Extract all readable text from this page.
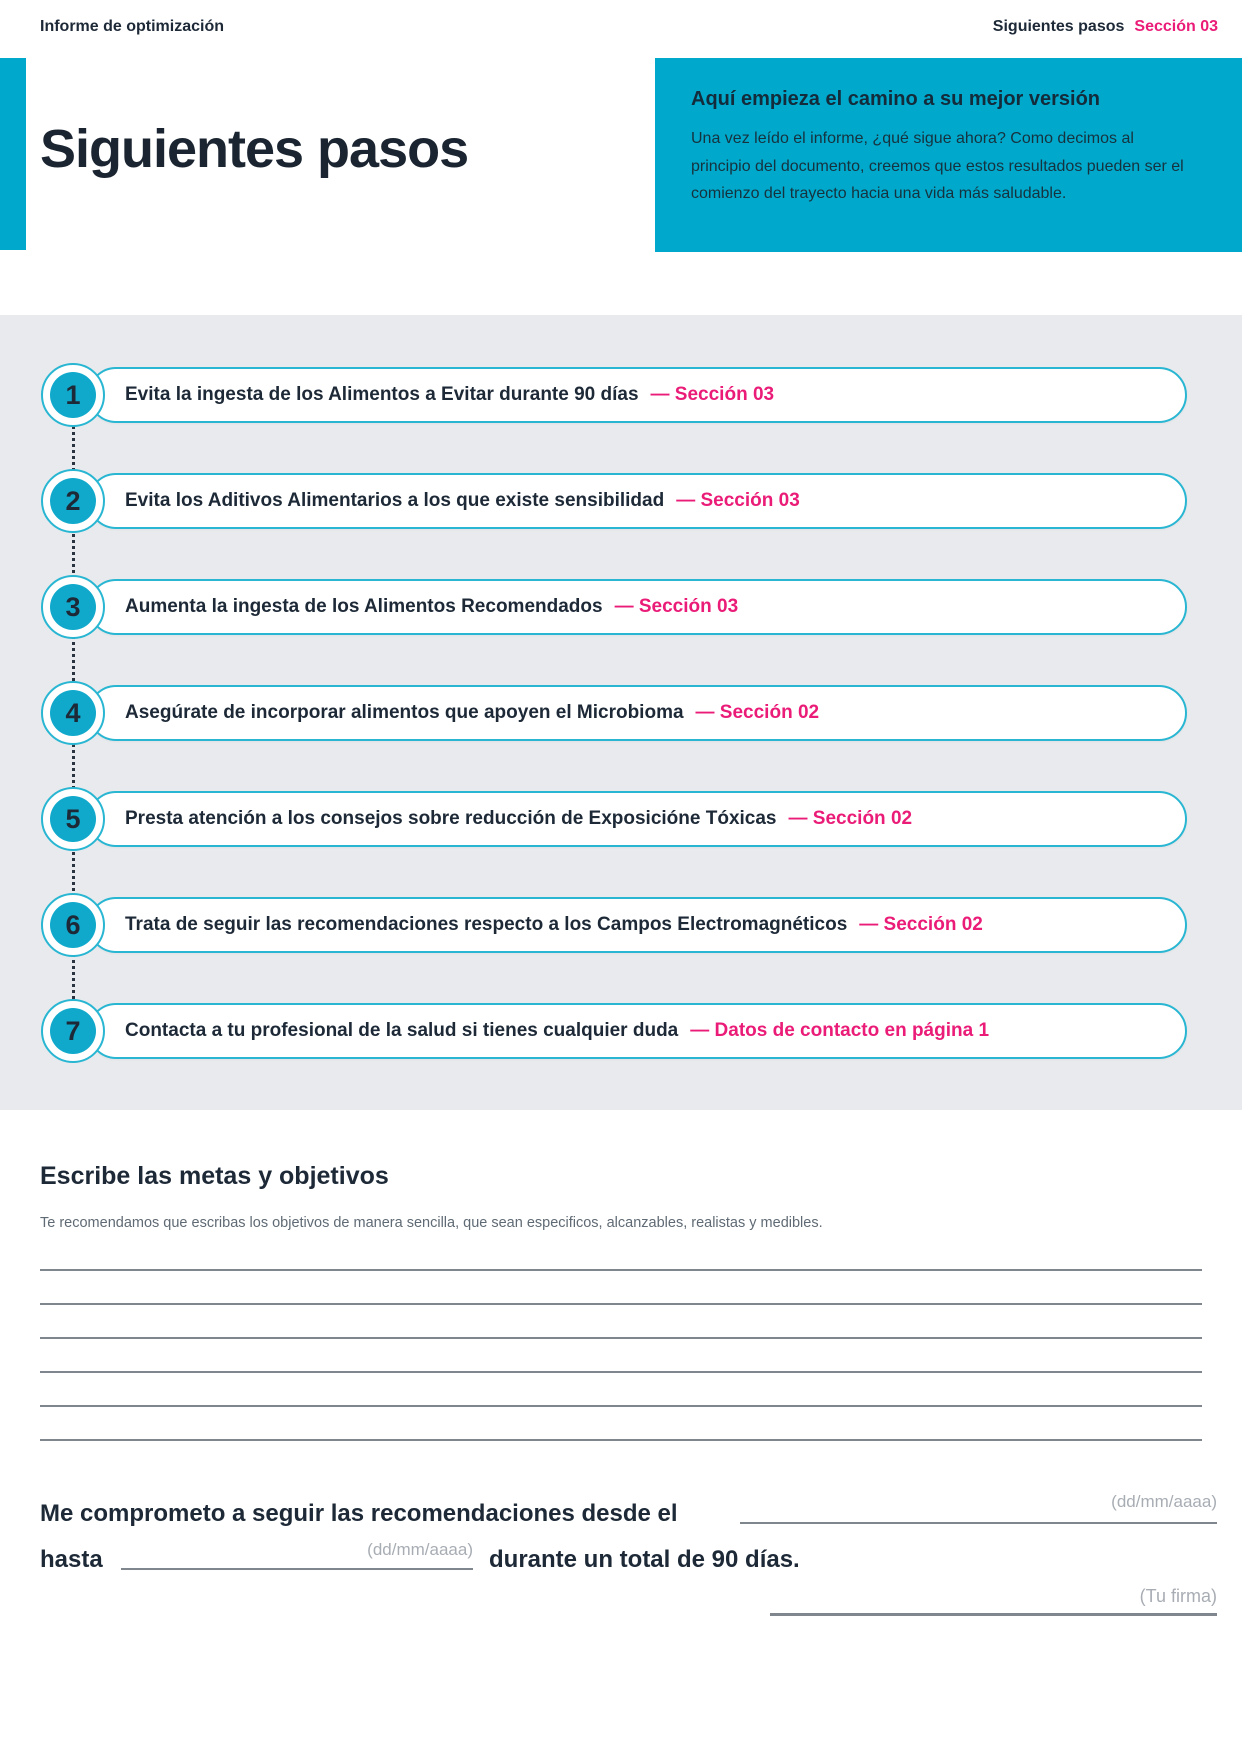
Informe de optimización	Siguientes pasos Sección 03
Siguientes pasos
Aquí empieza el camino a su mejor versión

Una vez leído el informe, ¿qué sigue ahora? Como decimos al principio del documento, creemos que estos resultados pueden ser el comienzo del trayecto hacia una vida más saludable.

1	Evita la ingesta de los Alimentos a Evitar durante 90 días — Sección 03
2	Evita los Aditivos Alimentarios a los que existe sensibilidad — Sección 03
3	Aumenta la ingesta de los Alimentos Recomendados — Sección 03
4	Asegúrate de incorporar alimentos que apoyen el Microbioma — Sección 02
5	Presta atención a los consejos sobre reducción de Exposicióne Tóxicas — Sección 02
6	Trata de seguir las recomendaciones respecto a los Campos Electromagnéticos — Sección 02
7	Contacta a tu profesional de la salud si tienes cualquier duda — Datos de contacto en página 1
Escribe las metas y objetivos
Te recomendamos que escribas los objetivos de manera sencilla, que sean especificos, alcanzables, realistas y medibles.
Me comprometo a seguir las recomendaciones desde el	(dd/mm/aaaa)
hasta	(dd/mm/aaaa) durante un total de 90 días.
(Tu firma)
